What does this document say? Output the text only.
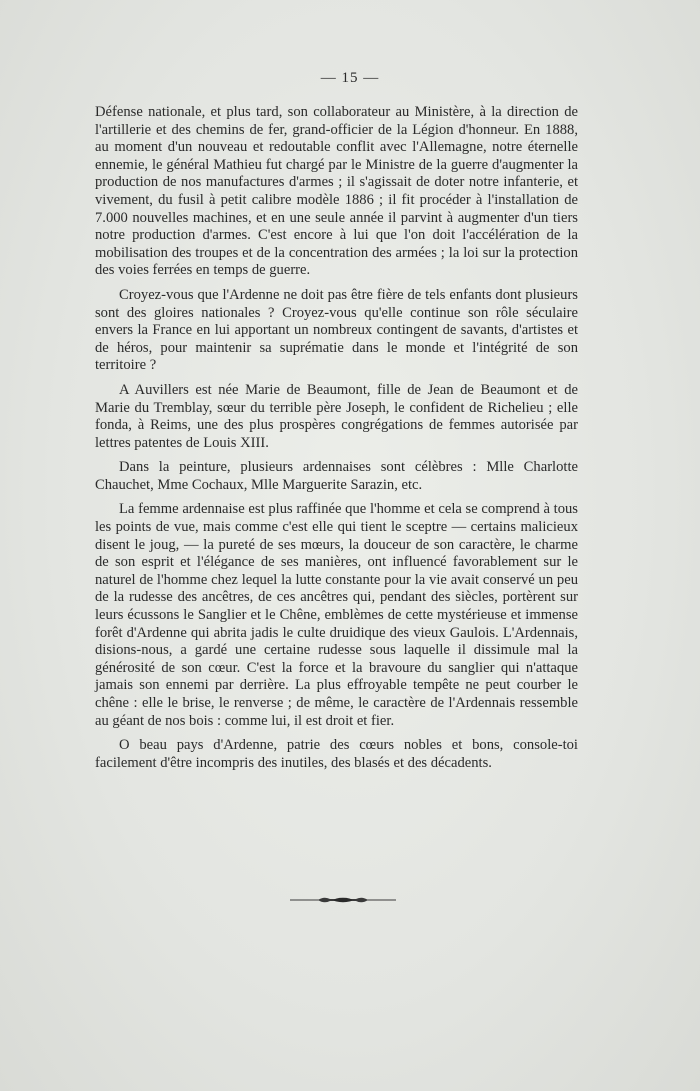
— 15 —

Défense nationale, et plus tard, son collaborateur au Ministère, à la direction de l'artillerie et des chemins de fer, grand-officier de la Légion d'honneur. En 1888, au moment d'un nouveau et redoutable conflit avec l'Allemagne, notre éternelle ennemie, le général Mathieu fut chargé par le Ministre de la guerre d'augmenter la production de nos manufactures d'armes ; il s'agissait de doter notre infanterie, et vivement, du fusil à petit calibre modèle 1886 ; il fit procéder à l'installation de 7.000 nouvelles machines, et en une seule année il parvint à augmenter d'un tiers notre production d'armes. C'est encore à lui que l'on doit l'accélération de la mobilisation des troupes et de la concentration des armées ; la loi sur la protection des voies ferrées en temps de guerre.

Croyez-vous que l'Ardenne ne doit pas être fière de tels enfants dont plusieurs sont des gloires nationales ? Croyez-vous qu'elle continue son rôle séculaire envers la France en lui apportant un nombreux contingent de savants, d'artistes et de héros, pour maintenir sa suprématie dans le monde et l'intégrité de son territoire ?

A Auvillers est née Marie de Beaumont, fille de Jean de Beaumont et de Marie du Tremblay, sœur du terrible père Joseph, le confident de Richelieu ; elle fonda, à Reims, une des plus prospères congrégations de femmes autorisée par lettres patentes de Louis XIII.

Dans la peinture, plusieurs ardennaises sont célèbres : Mlle Charlotte Chauchet, Mme Cochaux, Mlle Marguerite Sarazin, etc.

La femme ardennaise est plus raffinée que l'homme et cela se comprend à tous les points de vue, mais comme c'est elle qui tient le sceptre — certains malicieux disent le joug, — la pureté de ses mœurs, la douceur de son caractère, le charme de son esprit et l'élégance de ses manières, ont influencé favorablement sur le naturel de l'homme chez lequel la lutte constante pour la vie avait conservé un peu de la rudesse des ancêtres, de ces ancêtres qui, pendant des siècles, portèrent sur leurs écussons le Sanglier et le Chêne, emblèmes de cette mystérieuse et immense forêt d'Ardenne qui abrita jadis le culte druidique des vieux Gaulois. L'Ardennais, disions-nous, a gardé une certaine rudesse sous laquelle il dissimule mal la générosité de son cœur. C'est la force et la bravoure du sanglier qui n'attaque jamais son ennemi par derrière. La plus effroyable tempête ne peut courber le chêne : elle le brise, le renverse ; de même, le caractère de l'Ardennais ressemble au géant de nos bois : comme lui, il est droit et fier.

O beau pays d'Ardenne, patrie des cœurs nobles et bons, console-toi facilement d'être incompris des inutiles, des blasés et des décadents.
